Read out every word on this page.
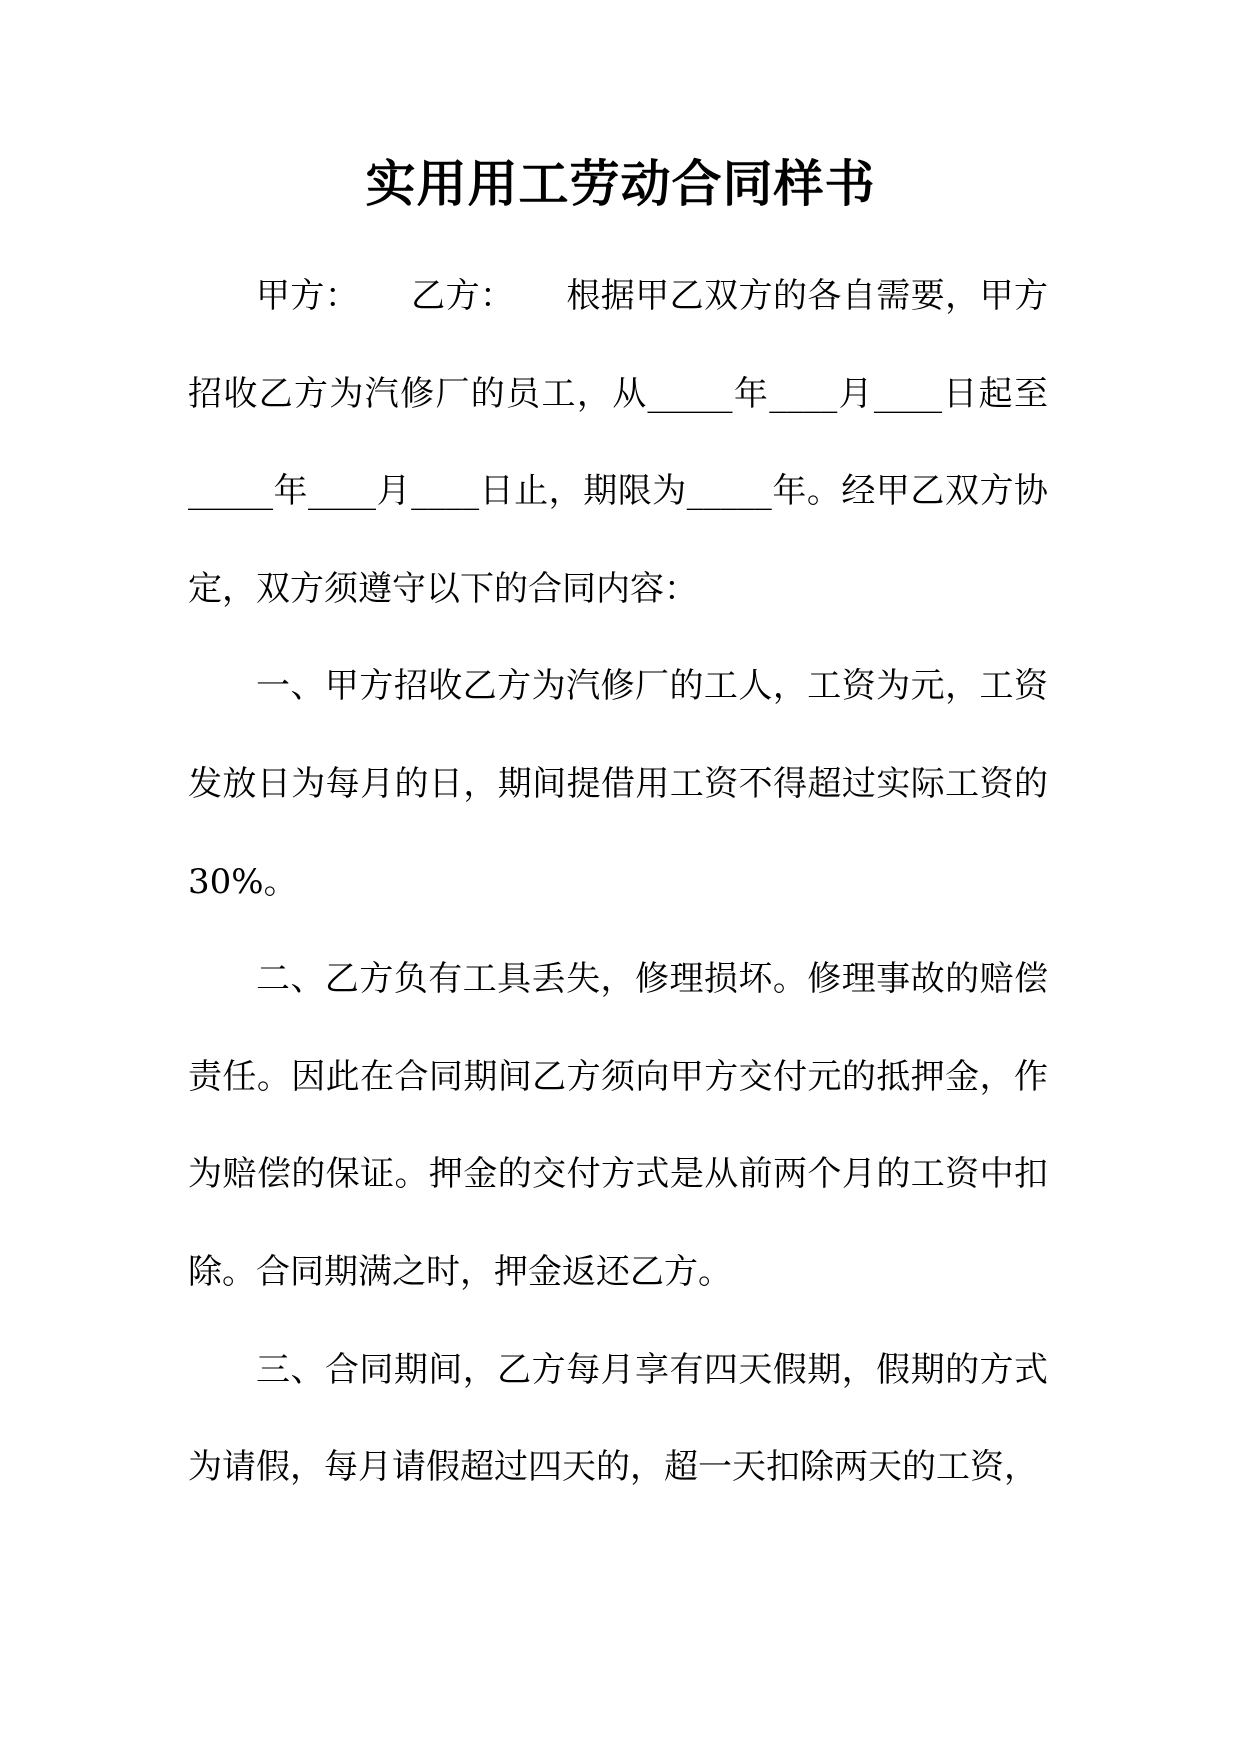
实用用工劳动合同样书

甲方：　　乙方：　　根据甲乙双方的各自需要，甲方招收乙方为汽修厂的员工，从_____年____月____日起至_____年____月____日止，期限为_____年。经甲乙双方协定，双方须遵守以下的合同内容：

一、甲方招收乙方为汽修厂的工人，工资为元，工资发放日为每月的日，期间提借用工资不得超过实际工资的30%。

二、乙方负有工具丢失，修理损坏。修理事故的赔偿责任。因此在合同期间乙方须向甲方交付元的抵押金，作为赔偿的保证。押金的交付方式是从前两个月的工资中扣除。合同期满之时，押金返还乙方。

三、合同期间，乙方每月享有四天假期，假期的方式为请假，每月请假超过四天的，超一天扣除两天的工资，
